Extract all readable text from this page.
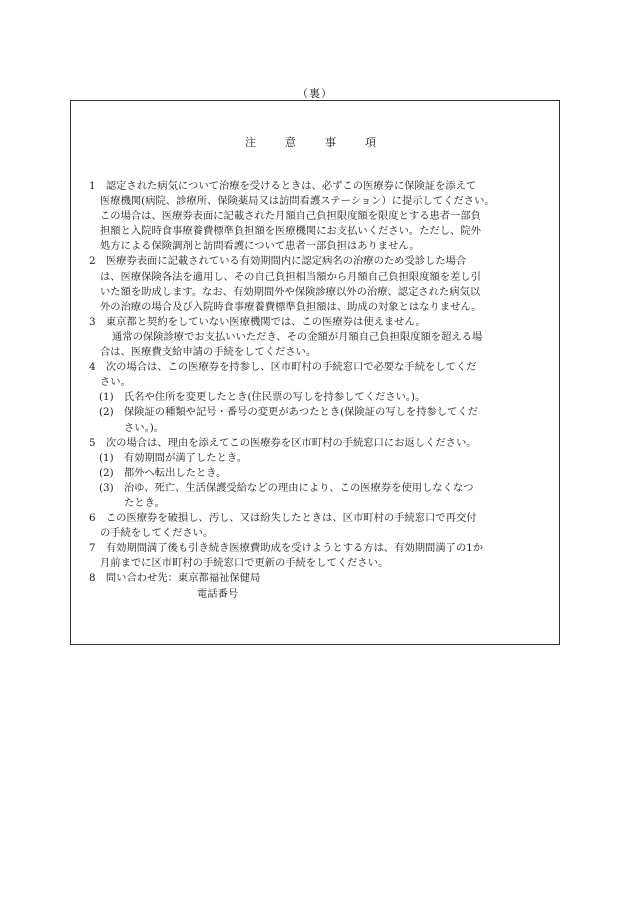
（裏）
注　意　事　項
1　認定された病気について治療を受けるときは、必ずこの医療券に保険証を添えて
医療機関(病院、診療所、保険薬局又は訪問看護ステーション）に提示してください。
この場合は、医療券表面に記載された月額自己負担限度額を限度とする患者一部負
担額と入院時食事療養費標準負担額を医療機関にお支払いください。ただし、院外
処方による保険調剤と訪問看護について患者一部負担はありません。
2　医療券表面に記載されている有効期間内に認定病名の治療のため受診した場合
は、医療保険各法を適用し、その自己負担相当額から月額自己負担限度額を差し引
いた額を助成します。なお、有効期間外や保険診療以外の治療、認定された病気以
外の治療の場合及び入院時食事療養費標準負担額は、助成の対象とはなりません。
3　東京都と契約をしていない医療機関では、この医療券は使えません。
通常の保険診療でお支払いいただき、その金額が月額自己負担限度額を超える場
合は、医療費支給申請の手続をしてください。
4　次の場合は、この医療券を持参し、区市町村の手続窓口で必要な手続をしてくだ
さい。
(1)　氏名や住所を変更したとき(住民票の写しを持参してください。)。
(2)　保険証の種類や記号・番号の変更があつたとき(保険証の写しを持参してくだ
さい。)。
5　次の場合は、理由を添えてこの医療券を区市町村の手続窓口にお返しください。
(1)　有効期間が満了したとき。
(2)　都外へ転出したとき。
(3)　治ゆ、死亡、生活保護受給などの理由により、この医療券を使用しなくなつ
たとき。
6　この医療券を破損し、汚し、又は紛失したときは、区市町村の手続窓口で再交付
の手続をしてください。
7　有効期間満了後も引き続き医療費助成を受けようとする方は、有効期間満了の1か
月前までに区市町村の手続窓口で更新の手続をしてください。
8　問い合わせ先：東京都福祉保健局
電話番号
